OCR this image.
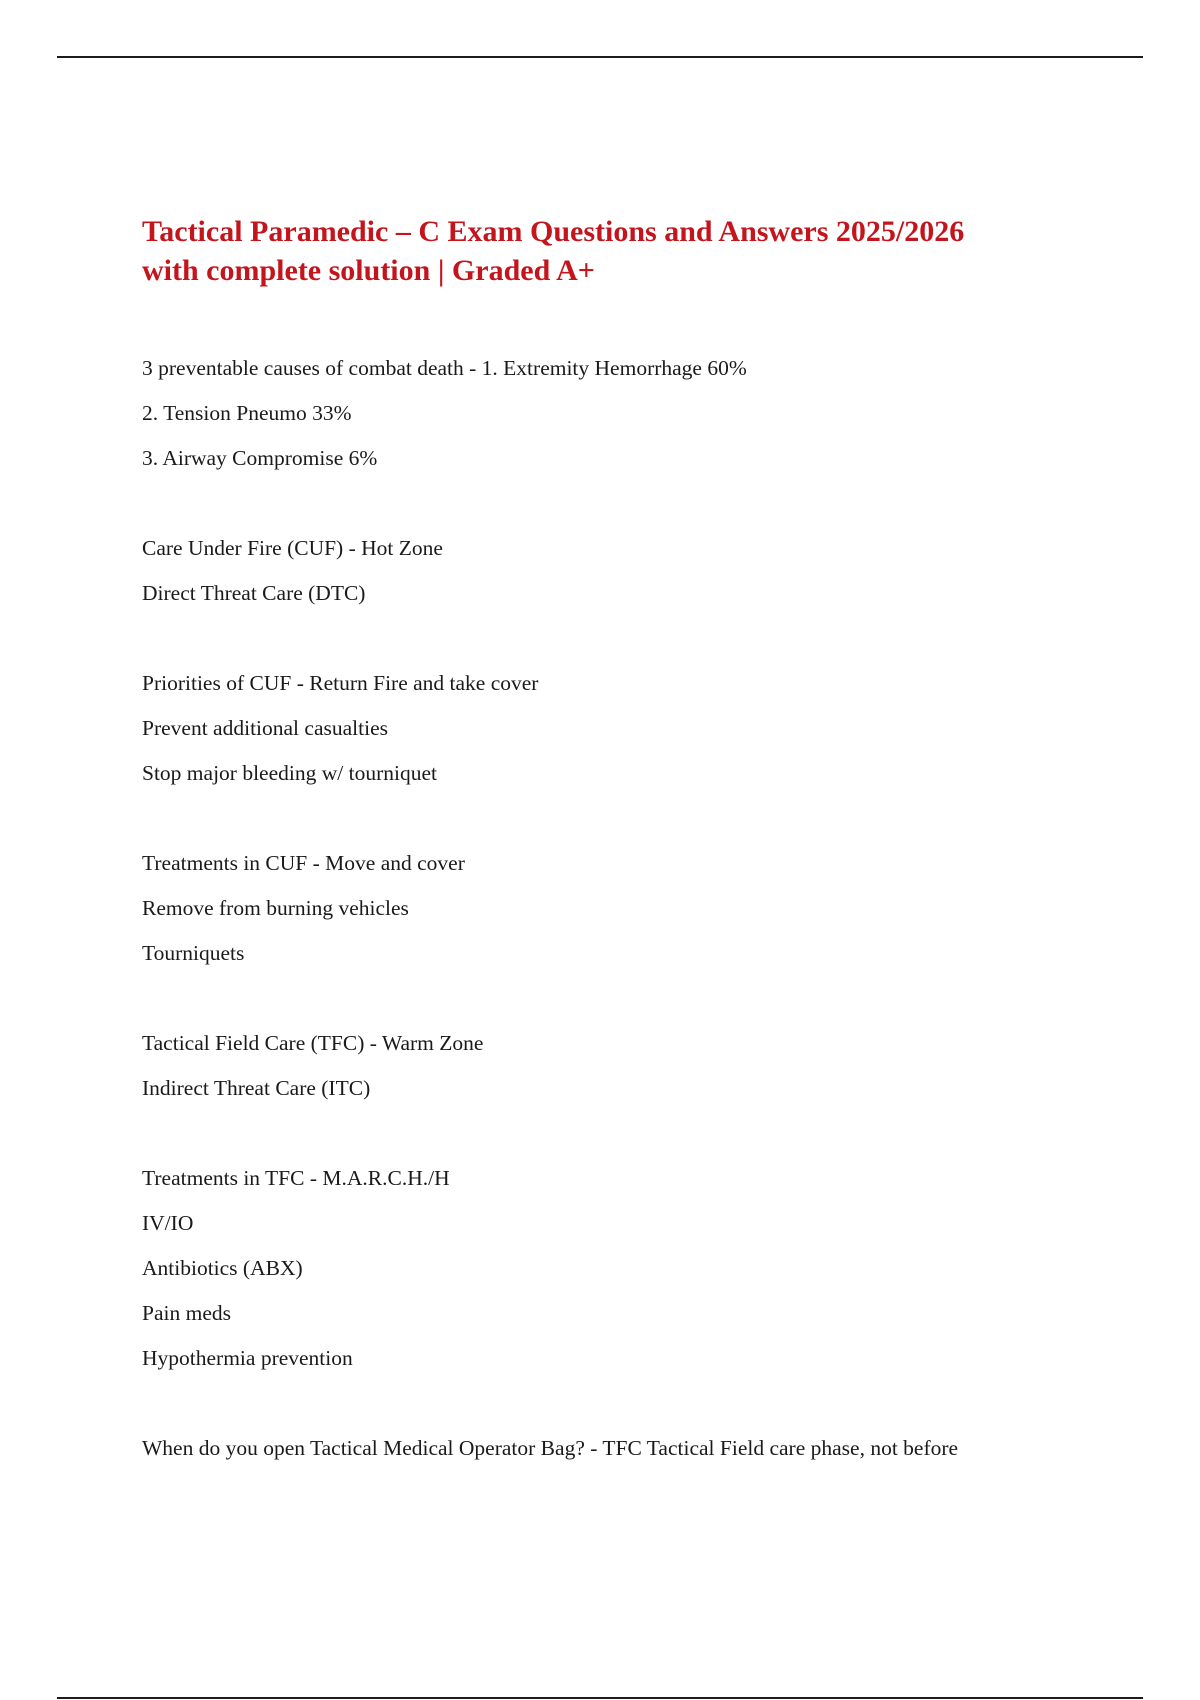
Tactical Paramedic – C Exam Questions and Answers 2025/2026
with complete solution | Graded A+
3 preventable causes of combat death - 1. Extremity Hemorrhage 60%
2. Tension Pneumo 33%
3. Airway Compromise 6%
Care Under Fire (CUF) - Hot Zone
Direct Threat Care (DTC)
Priorities of CUF - Return Fire and take cover
Prevent additional casualties
Stop major bleeding w/ tourniquet
Treatments in CUF - Move and cover
Remove from burning vehicles
Tourniquets
Tactical Field Care (TFC) - Warm Zone
Indirect Threat Care (ITC)
Treatments in TFC - M.A.R.C.H./H
IV/IO
Antibiotics (ABX)
Pain meds
Hypothermia prevention
When do you open Tactical Medical Operator Bag? - TFC Tactical Field care phase, not before
